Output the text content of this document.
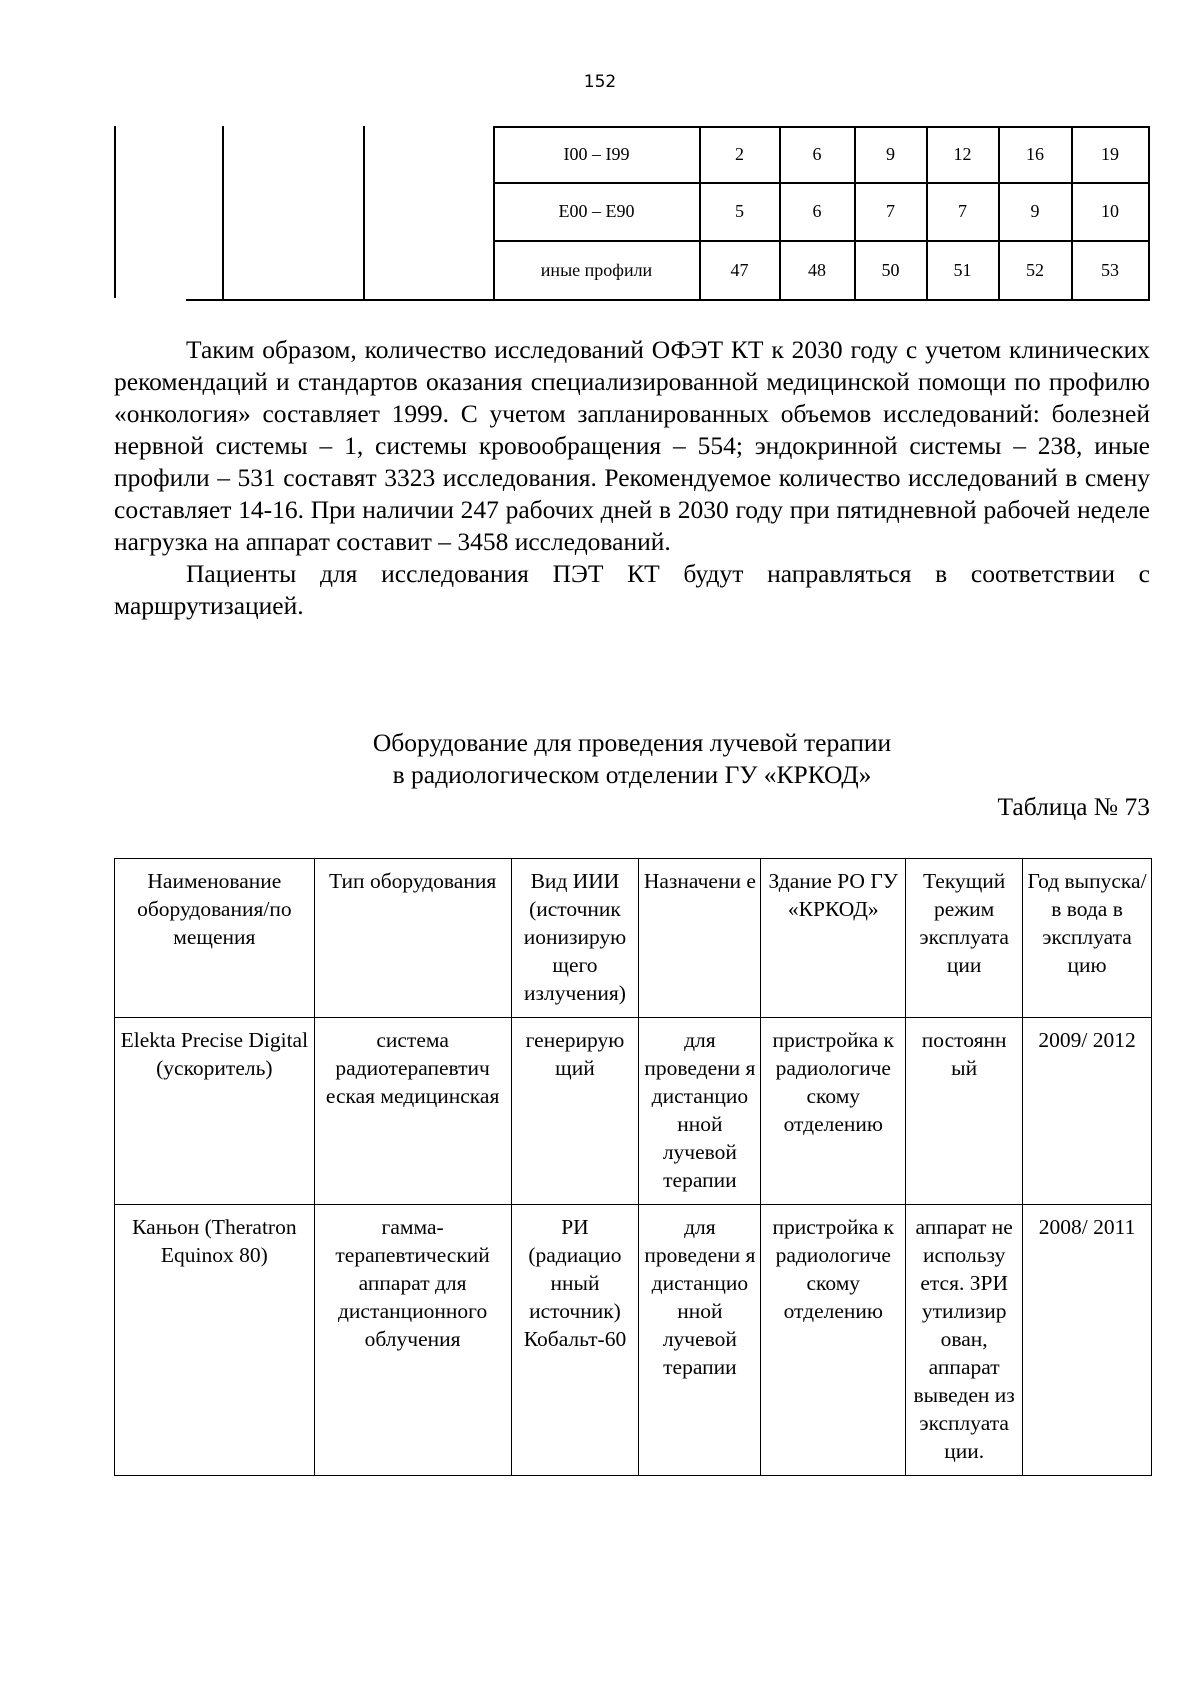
152
I00 – I99	2	6	9	12	16	19
E00 – E90	5	6	7	7	9	10
иные профили	47	48	50	51	52	53

Таким образом, количество исследований ОФЭТ КТ к 2030 году с учетом клинических рекомендаций и стандартов оказания специализированной медицинской помощи по профилю «онкология» составляет 1999. С учетом запланированных объемов исследований: болезней нервной системы – 1, системы кровообращения – 554; эндокринной системы – 238, иные профили – 531 составят 3323 исследования. Рекомендуемое количество исследований в смену составляет 14-16. При наличии 247 рабочих дней в 2030 году при пятидневной рабочей неделе нагрузка на аппарат составит – 3458 исследований.

Пациенты для исследования ПЭТ КТ будут направляться в соответствии с маршрутизацией.

Оборудование для проведения лучевой терапии
в радиологическом отделении ГУ «КРКОД»
Таблица № 73
Наименование оборудования/по мещения	Тип оборудования	Вид ИИИ (источник ионизирую щего излучения)	Назначени е	Здание РО ГУ «КРКОД»	Текущий режим эксплуата ции	Год выпуска/в вода в эксплуата цию
Elekta Precise Digital (ускоритель)	система радиотерапевтич еская медицинская	генерирую щий	для проведени я дистанцио нной лучевой терапии	пристройка к радиологиче скому отделению	постоянн ый	2009/ 2012
Каньон (Theratron Equinox 80)	гамма-терапевтический аппарат для дистанционного облучения	РИ (радиацио нный источник) Кобальт-60	для проведени я дистанцио нной лучевой терапии	пристройка к радиологиче скому отделению	аппарат не использу ется. ЗРИ утилизир ован, аппарат выведен из эксплуата ции.	2008/ 2011
